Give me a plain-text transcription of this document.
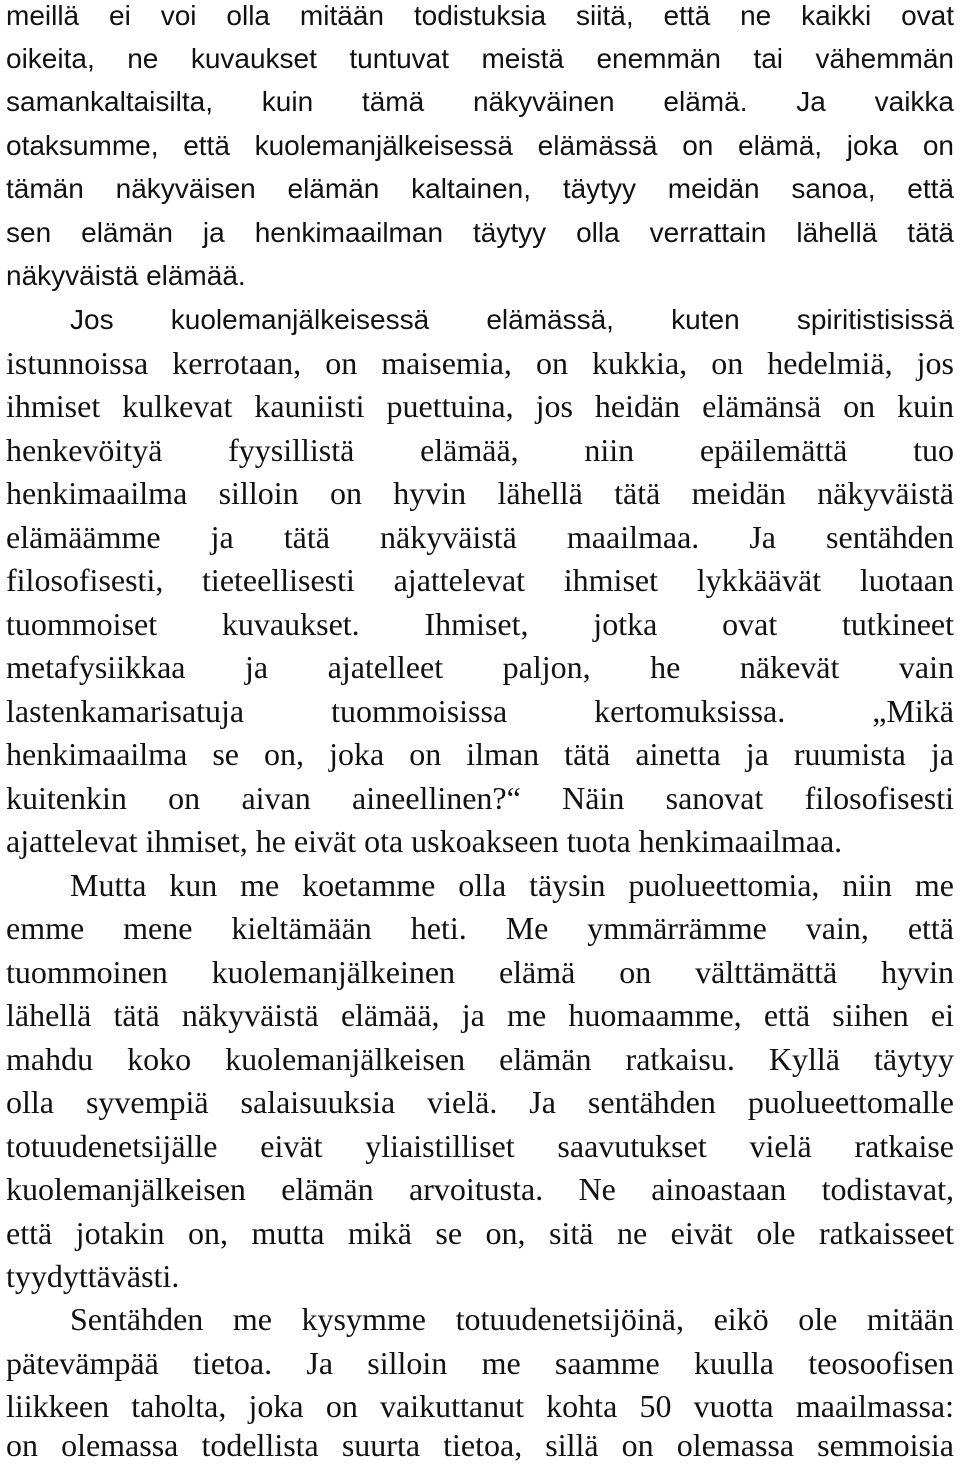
meillä ei voi olla mitään todistuksia siitä, että ne kaikki ovat
oikeita, ne kuvaukset tuntuvat meistä enemmän tai vähemmän
samankaltaisilta, kuin tämä näkyväinen elämä. Ja vaikka
otaksumme, että kuolemanjälkeisessä elämässä on elämä, joka on
tämän näkyväisen elämän kaltainen, täytyy meidän sanoa, että
sen elämän ja henkimaailman täytyy olla verrattain lähellä tätä
näkyväistä elämää.
Jos kuolemanjälkeisessä elämässä, kuten spiritistisissä
istunnoissa kerrotaan, on maisemia, on kukkia, on hedelmiä, jos
ihmiset kulkevat kauniisti puettuina, jos heidän elämänsä on kuin
henkevöityä fyysillistä elämää, niin epäilemättä tuo
henkimaailma silloin on hyvin lähellä tätä meidän näkyväistä
elämäämme ja tätä näkyväistä maailmaa. Ja sentähden
filosofisesti, tieteellisesti ajattelevat ihmiset lykkäävät luotaan
tuommoiset kuvaukset. Ihmiset, jotka ovat tutkineet
metafysiikkaa ja ajatelleet paljon, he näkevät vain
lastenkamarisatuja tuommoisissa kertomuksissa. „Mikä
henkimaailma se on, joka on ilman tätä ainetta ja ruumista ja
kuitenkin on aivan aineellinen?“ Näin sanovat filosofisesti
ajattelevat ihmiset, he eivät ota uskoakseen tuota henkimaailmaa.
Mutta kun me koetamme olla täysin puolueettomia, niin me
emme mene kieltämään heti. Me ymmärrämme vain, että
tuommoinen kuolemanjälkeinen elämä on välttämättä hyvin
lähellä tätä näkyväistä elämää, ja me huomaamme, että siihen ei
mahdu koko kuolemanjälkeisen elämän ratkaisu. Kyllä täytyy
olla syvempiä salaisuuksia vielä. Ja sentähden puolueettomalle
totuudenetsijälle eivät yliaistilliset saavutukset vielä ratkaise
kuolemanjälkeisen elämän arvoitusta. Ne ainoastaan todistavat,
että jotakin on, mutta mikä se on, sitä ne eivät ole ratkaisseet
tyydyttävästi.
Sentähden me kysymme totuudenetsijöinä, eikö ole mitään
pätevämpää tietoa. Ja silloin me saamme kuulla teosoofisen
liikkeen taholta, joka on vaikuttanut kohta 50 vuotta maailmassa:
on olemassa todellista suurta tietoa, sillä on olemassa semmoisia
